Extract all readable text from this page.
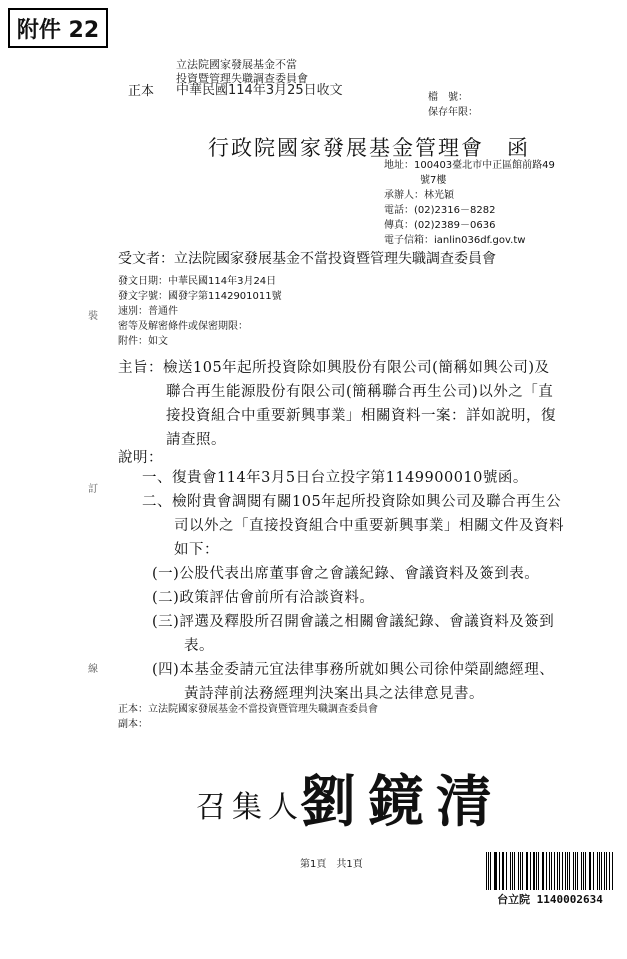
附件 22
立法院國家發展基金不當
投資暨管理失職調查委員會
中華民國114年3月25日收文
正本	檔　號：
保存年限：
行政院國家發展基金管理會　函
地址：100403臺北市中正區館前路49
號7樓
承辦人：林光穎
電話：(02)2316－8282
傳真：(02)2389－0636
電子信箱：ianlin036df.gov.tw
受文者：立法院國家發展基金不當投資暨管理失職調查委員會
發文日期：中華民國114年3月24日
發文字號：國發字第1142901011號
速別：普通件
密等及解密條件或保密期限：
附件：如文
主旨：檢送105年起所投資除如興股份有限公司(簡稱如興公司)及
聯合再生能源股份有限公司(簡稱聯合再生公司)以外之「直
接投資組合中重要新興事業」相關資料一案：詳如說明，復
請查照。
說明：
一、復貴會114年3月5日台立投字第1149900010號函。
二、檢附貴會調閱有關105年起所投資除如興公司及聯合再生公
司以外之「直接投資組合中重要新興事業」相關文件及資料
如下：
(一)公股代表出席董事會之會議紀錄、會議資料及簽到表。
(二)政策評估會前所有洽談資料。
(三)評選及釋股所召開會議之相關會議紀錄、會議資料及簽到
表。
(四)本基金委請元宜法律事務所就如興公司徐仲榮副總經理、
黃詩萍前法務經理判決案出具之法律意見書。
正本：立法院國家發展基金不當投資暨管理失職調查委員會
副本：
召集人
劉鏡清
裝
訂
線
第1頁　共1頁
台立院 1140002634
